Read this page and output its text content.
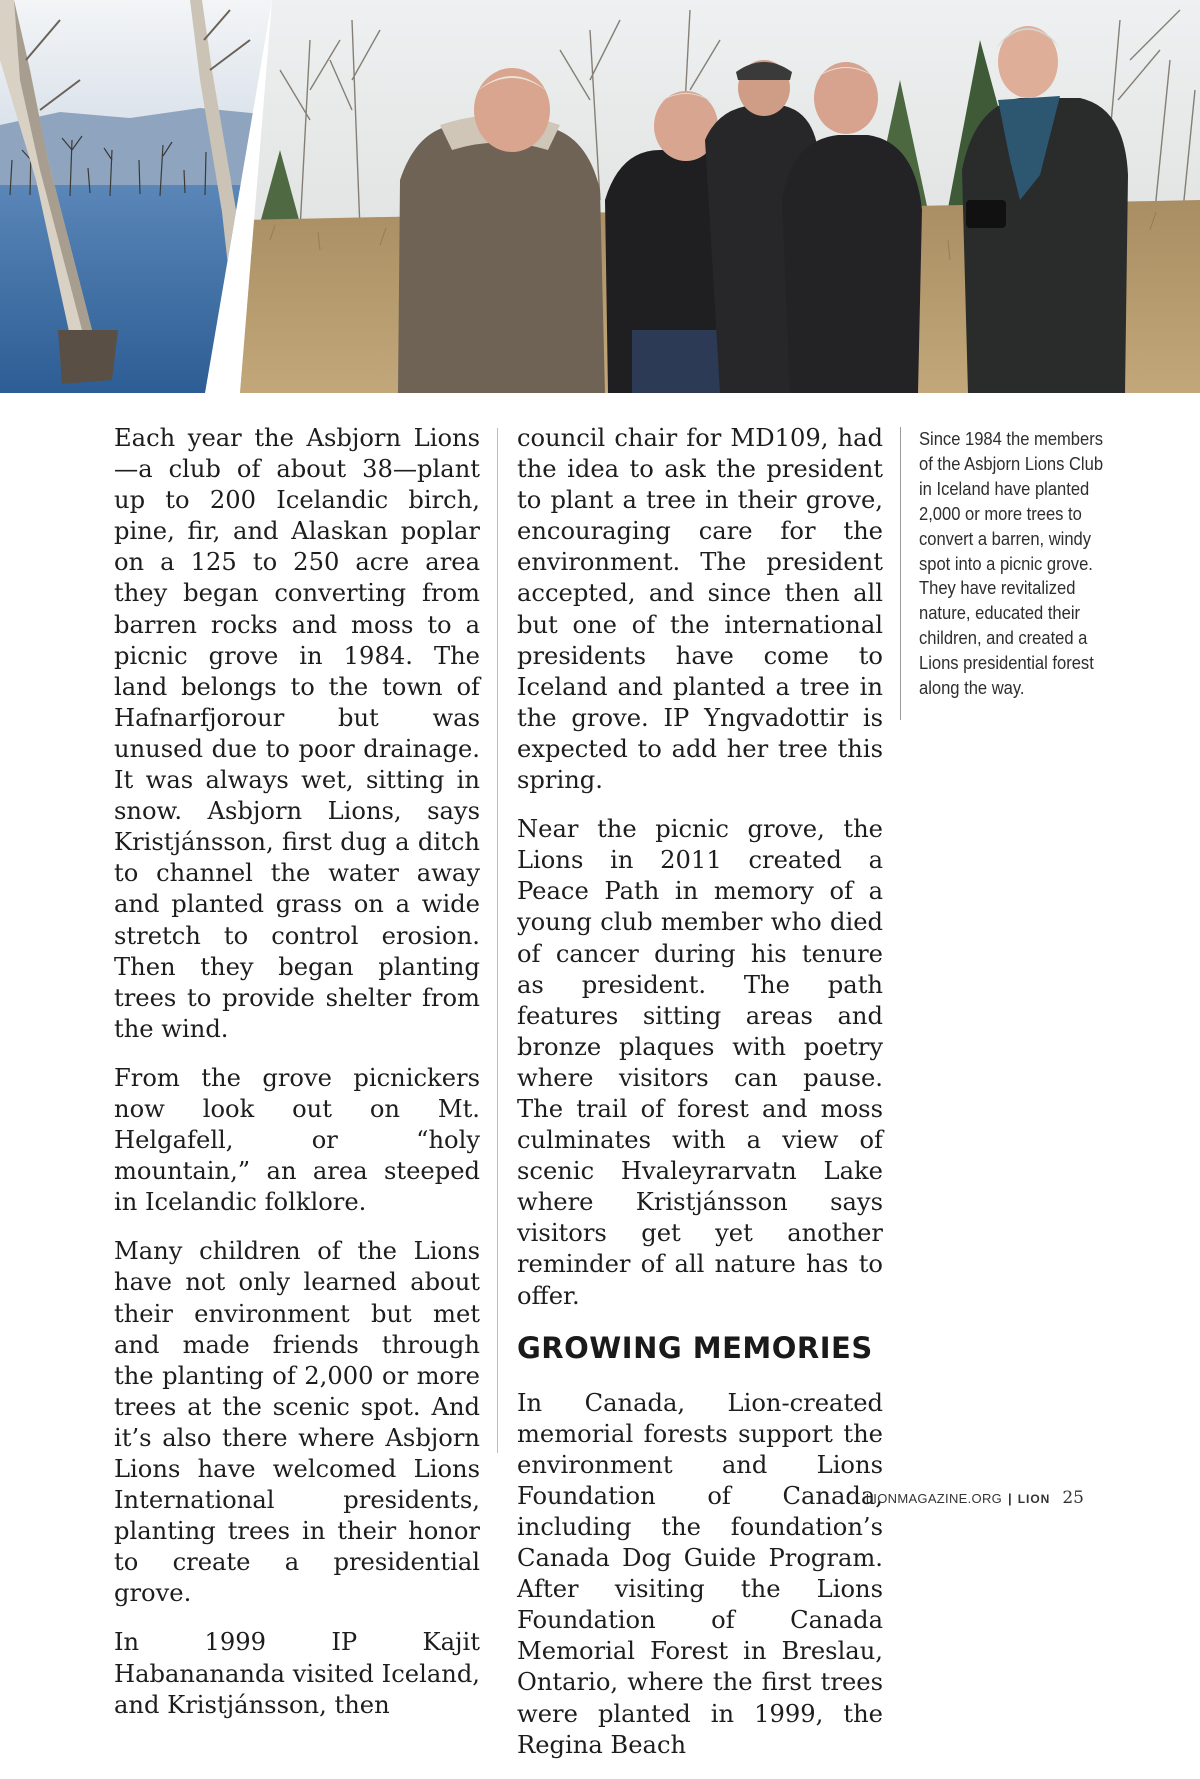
Each year the Asbjorn Lions—a club of about 38—plant up to 200 Icelandic birch, pine, fir, and Alaskan poplar on a 125 to 250 acre area they began converting from barren rocks and moss to a picnic grove in 1984. The land belongs to the town of Hafnarfjorour but was unused due to poor drainage. It was always wet, sitting in snow. Asbjorn Lions, says Kristjánsson, first dug a ditch to channel the water away and planted grass on a wide stretch to control erosion. Then they began planting trees to provide shelter from the wind.

From the grove picnickers now look out on Mt. Helgafell, or “holy mountain,” an area steeped in Icelandic folklore.

Many children of the Lions have not only learned about their environment but met and made friends through the planting of 2,000 or more trees at the scenic spot. And it’s also there where Asbjorn Lions have welcomed Lions International presidents, planting trees in their honor to create a presidential grove.

In 1999 IP Kajit Habanananda visited Iceland, and Kristjánsson, then

council chair for MD109, had the idea to ask the president to plant a tree in their grove, encouraging care for the environment. The president accepted, and since then all but one of the international presidents have come to Iceland and planted a tree in the grove. IP Yngvadottir is expected to add her tree this spring.

Near the picnic grove, the Lions in 2011 created a Peace Path in memory of a young club member who died of cancer during his tenure as president. The path features sitting areas and bronze plaques with poetry where visitors can pause. The trail of forest and moss culminates with a view of scenic Hvaleyrarvatn Lake where Kristjánsson says visitors get yet another reminder of all nature has to offer.

GROWING MEMORIES

In Canada, Lion-created memorial forests support the environment and Lions Foundation of Canada, including the foundation’s Canada Dog Guide Program. After visiting the Lions Foundation of Canada Memorial Forest in Breslau, Ontario, where the first trees were planted in 1999, the Regina Beach

Since 1984 the members of the Asbjorn Lions Club in Iceland have planted 2,000 or more trees to convert a barren, windy spot into a picnic grove. They have revitalized nature, educated their children, and created a Lions presidential forest along the way.

LIONMAGAZINE.ORG | LION 25
